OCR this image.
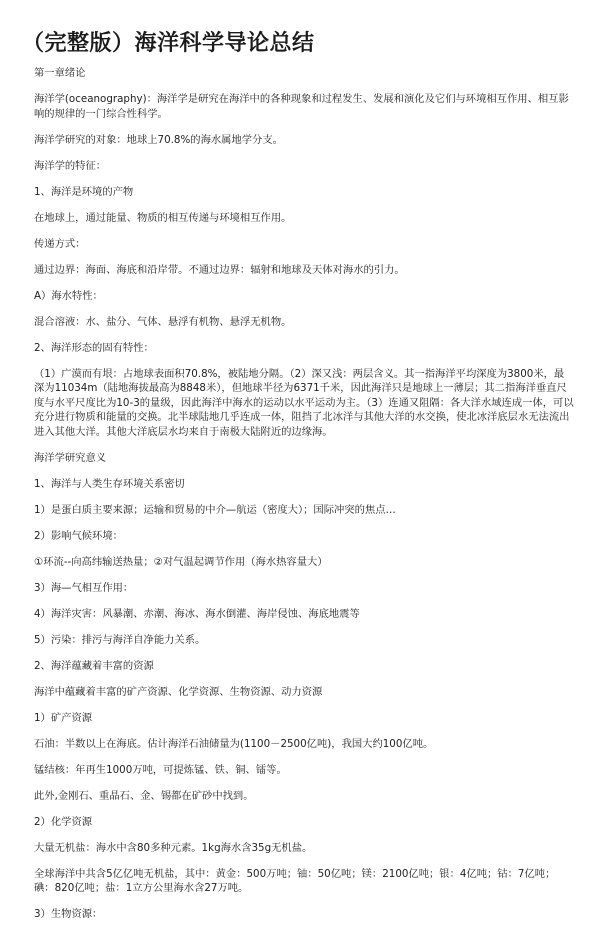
（完整版）海洋科学导论总结

第一章绪论

海洋学(oceanography)：海洋学是研究在海洋中的各种现象和过程发生、发展和演化及它们与环境相互作用、相互影响的规律的一门综合性科学。

海洋学研究的对象：地球上70.8%的海水属地学分支。

海洋学的特征：

1、海洋是环境的产物

在地球上，通过能量、物质的相互传递与环境相互作用。

传递方式：

通过边界：海面、海底和沿岸带。不通过边界：辐射和地球及天体对海水的引力。

A）海水特性：

混合溶液：水、盐分、气体、悬浮有机物、悬浮无机物。

2、海洋形态的固有特性：

（1）广漠而有垠：占地球表面积70.8%，被陆地分隔。（2）深又浅：两层含义。其一指海洋平均深度为3800米，最深为11034m（陆地海拔最高为8848米），但地球半径为6371千米，因此海洋只是地球上一薄层；其二指海洋垂直尺度与水平尺度比为10-3的量级，因此海洋中海水的运动以水平运动为主。（3）连通又阻隔：各大洋水域连成一体，可以充分进行物质和能量的交换。北半球陆地几乎连成一体，阻挡了北冰洋与其他大洋的水交换，使北冰洋底层水无法流出进入其他大洋。其他大洋底层水均来自于南极大陆附近的边缘海。

海洋学研究意义

1、海洋与人类生存环境关系密切

1）是蛋白质主要来源；运输和贸易的中介—航运（密度大）；国际冲突的焦点…

2）影响气候环境：

①环流--向高纬输送热量；②对气温起调节作用（海水热容量大）

3）海—气相互作用：

4）海洋灾害：风暴潮、赤潮、海冰、海水倒灌、海岸侵蚀、海底地震等

5）污染：排污与海洋自净能力关系。

2、海洋蕴藏着丰富的资源

海洋中蕴藏着丰富的矿产资源、化学资源、生物资源、动力资源

1）矿产资源

石油：半数以上在海底。估计海洋石油储量为(1100－2500亿吨)，我国大约100亿吨。

锰结核：年再生1000万吨，可提炼锰、铁、铜、镭等。

此外,金刚石、重晶石、金、锡都在矿砂中找到。

2）化学资源

大量无机盐：海水中含80多种元素。1kg海水含35g无机盐。

全球海洋中共含5亿亿吨无机盐，其中：黄金：500万吨；铀：50亿吨；镁：2100亿吨；银：4亿吨；钴：7亿吨；碘：820亿吨；盐：1立方公里海水含27万吨。

3）生物资源：
